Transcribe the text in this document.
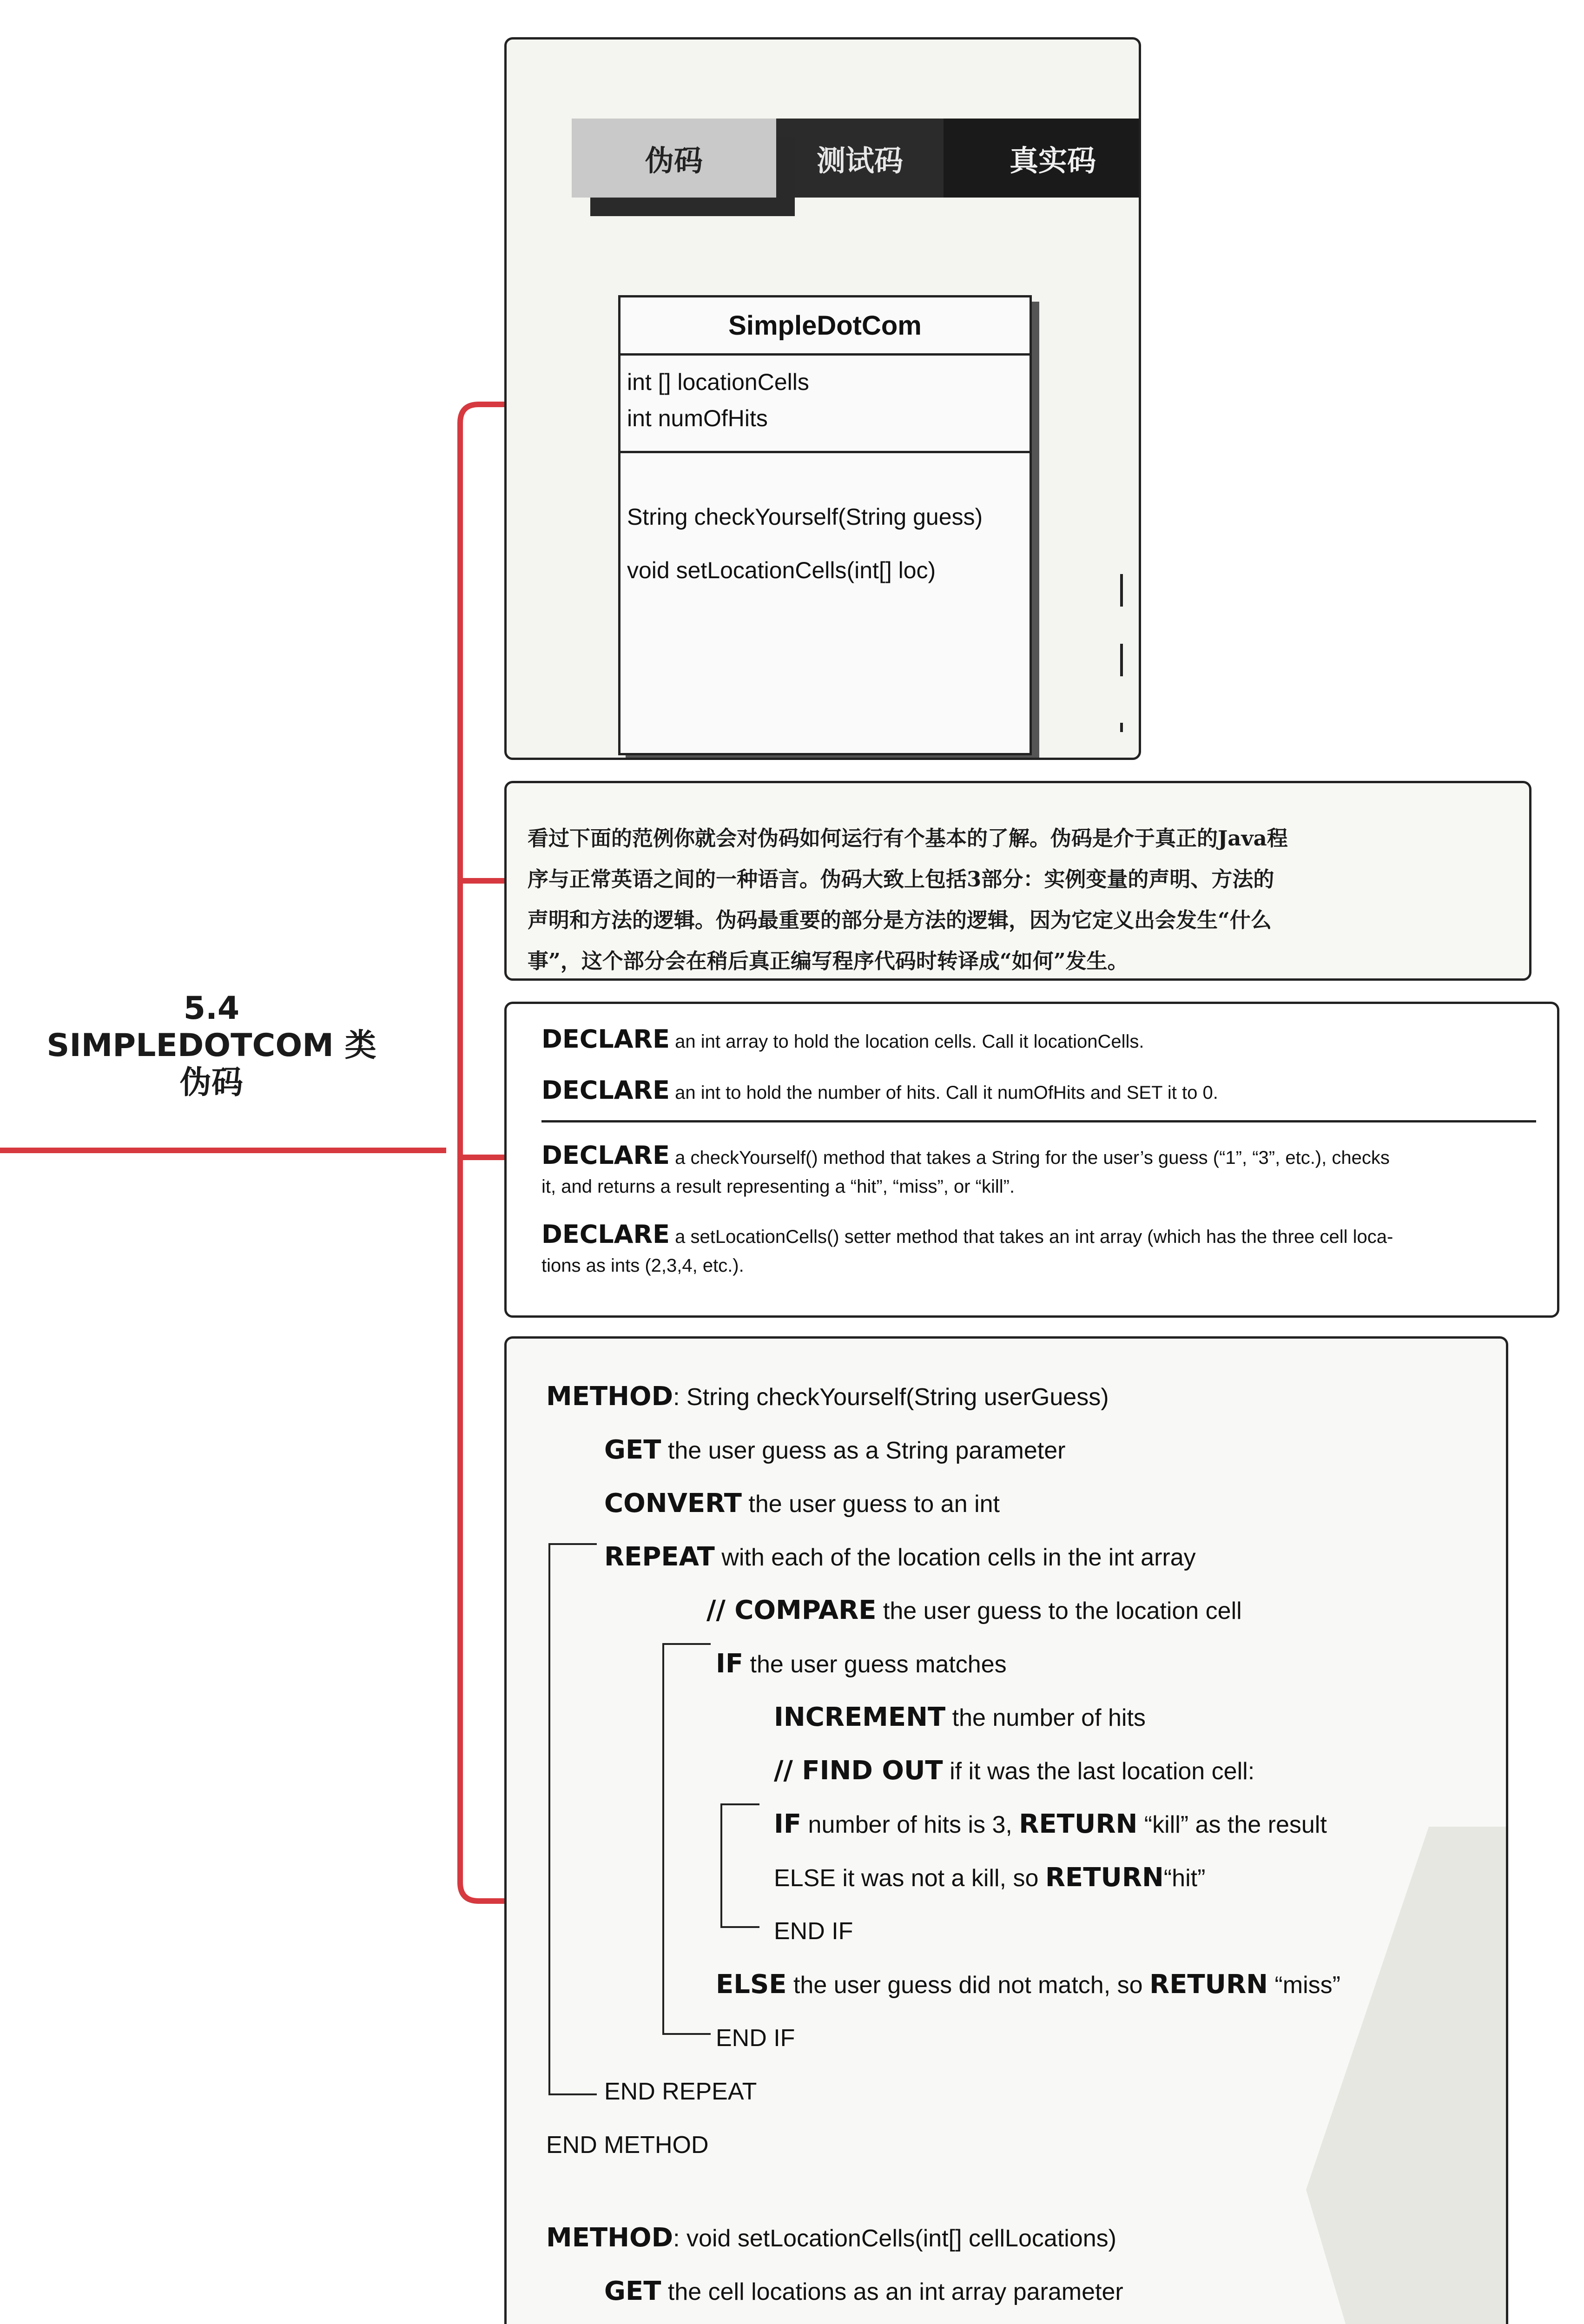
5.4
SIMPLEDOTCOM 类
伪码
伪码	测试码	真实码
SimpleDotCom
int [] locationCells
int numOfHits
String checkYourself(String guess)
void setLocationCells(int[] loc)
看过下面的范例你就会对伪码如何运行有个基本的了解。伪码是介于真正的Java程
序与正常英语之间的一种语言。伪码大致上包括3部分：实例变量的声明、方法的
声明和方法的逻辑。伪码最重要的部分是方法的逻辑，因为它定义出会发生“什么
事”，这个部分会在稍后真正编写程序代码时转译成“如何”发生。
DECLARE an int array to hold the location cells. Call it locationCells.
DECLARE an int to hold the number of hits. Call it numOfHits and SET it to 0.
DECLARE a checkYourself() method that takes a String for the user’s guess (“1”, “3”, etc.), checks
it, and returns a result representing a “hit”, “miss”, or “kill”.
DECLARE a setLocationCells() setter method that takes an int array (which has the three cell loca-
tions as ints (2,3,4, etc.).
METHOD: String checkYourself(String userGuess)
GET the user guess as a String parameter
CONVERT the user guess to an int
REPEAT with each of the location cells in the int array
// COMPARE the user guess to the location cell
IF the user guess matches
INCREMENT the number of hits
// FIND OUT if it was the last location cell:
IF number of hits is 3, RETURN “kill” as the result
ELSE it was not a kill, so RETURN“hit”
END IF
ELSE the user guess did not match, so RETURN “miss”
END IF
END REPEAT
END METHOD
METHOD: void setLocationCells(int[] cellLocations)
GET the cell locations as an int array parameter
